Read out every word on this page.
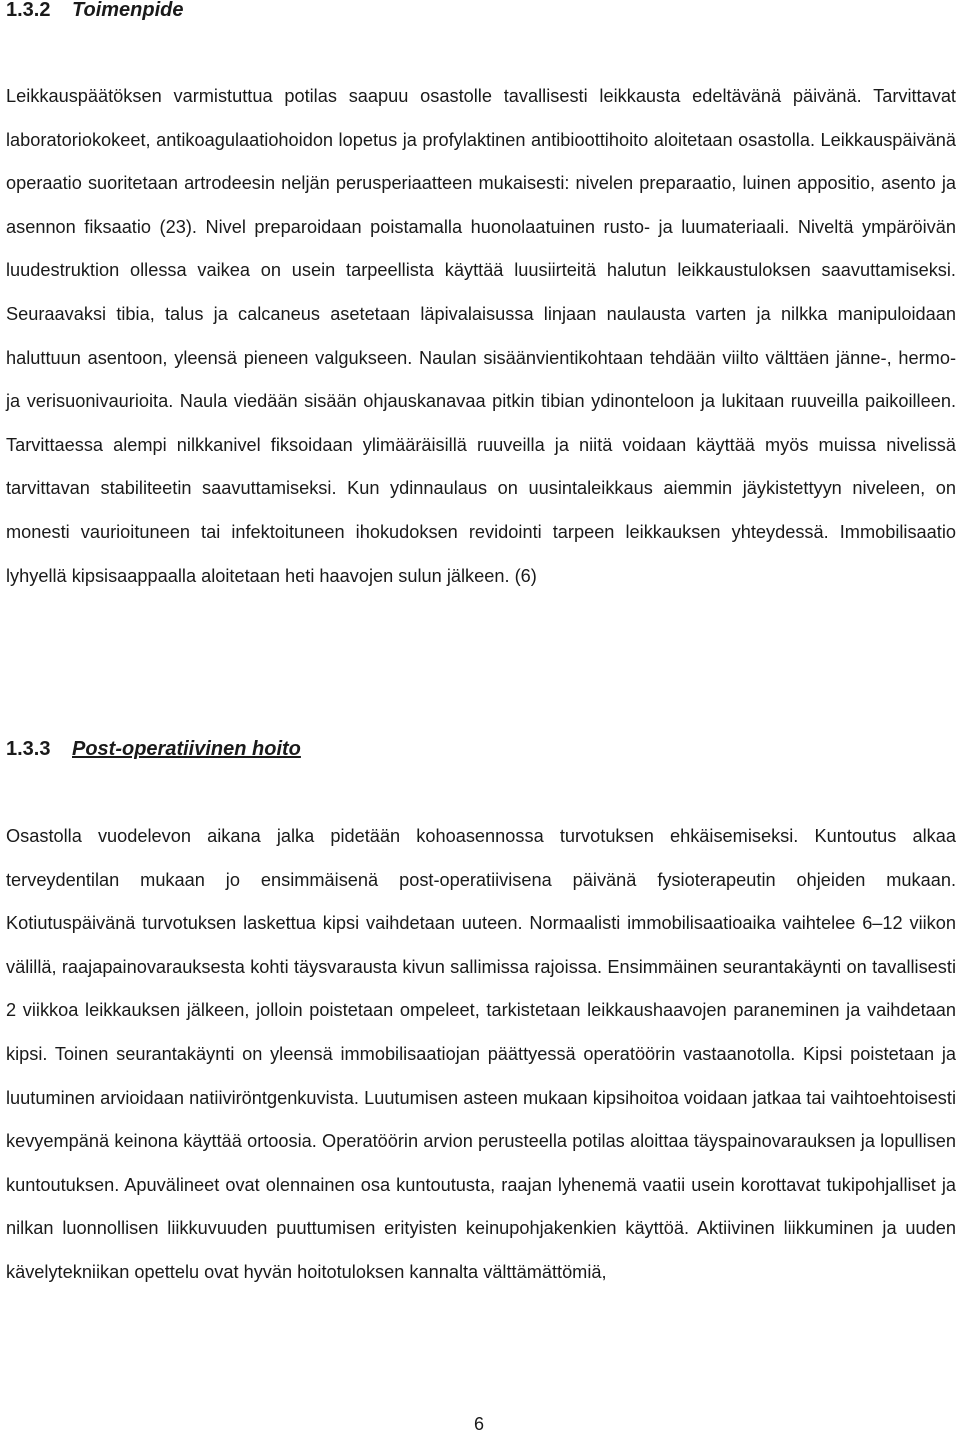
1.3.2 Toimenpide

Leikkauspäätöksen varmistuttua potilas saapuu osastolle tavallisesti leikkausta edeltävänä päivänä. Tarvittavat laboratoriokokeet, antikoagulaatiohoidon lopetus ja profylaktinen antibioottihoito aloitetaan osastolla. Leikkauspäivänä operaatio suoritetaan artrodeesin neljän perusperiaatteen mukaisesti: nivelen preparaatio, luinen appositio, asento ja asennon fiksaatio (23). Nivel preparoidaan poistamalla huonolaatuinen rusto- ja luumateriaali. Niveltä ympäröivän luudestruktion ollessa vaikea on usein tarpeellista käyttää luusiirteitä halutun leikkaustuloksen saavuttamiseksi. Seuraavaksi tibia, talus ja calcaneus asetetaan läpivalaisussa linjaan naulausta varten ja nilkka manipuloidaan haluttuun asentoon, yleensä pieneen valgukseen. Naulan sisäänvientikohtaan tehdään viilto välttäen jänne-, hermo- ja verisuonivaurioita. Naula viedään sisään ohjauskanavaa pitkin tibian ydinonteloon ja lukitaan ruuveilla paikoilleen. Tarvittaessa alempi nilkkanivel fiksoidaan ylimääräisillä ruuveilla ja niitä voidaan käyttää myös muissa nivelissä tarvittavan stabiliteetin saavuttamiseksi. Kun ydinnaulaus on uusintaleikkaus aiemmin jäykistettyyn niveleen, on monesti vaurioituneen tai infektoituneen ihokudoksen revidointi tarpeen leikkauksen yhteydessä. Immobilisaatio lyhyellä kipsisaappaalla aloitetaan heti haavojen sulun jälkeen. (6)

1.3.3 Post-operatiivinen hoito

Osastolla vuodelevon aikana jalka pidetään kohoasennossa turvotuksen ehkäisemiseksi. Kuntoutus alkaa terveydentilan mukaan jo ensimmäisenä post-operatiivisena päivänä fysioterapeutin ohjeiden mukaan. Kotiutuspäivänä turvotuksen laskettua kipsi vaihdetaan uuteen. Normaalisti immobilisaatioaika vaihtelee 6–12 viikon välillä, raajapainovarauksesta kohti täysvarausta kivun sallimissa rajoissa. Ensimmäinen seurantakäynti on tavallisesti 2 viikkoa leikkauksen jälkeen, jolloin poistetaan ompeleet, tarkistetaan leikkaushaavojen paraneminen ja vaihdetaan kipsi. Toinen seurantakäynti on yleensä immobilisaatiojan päättyessä operatöörin vastaanotolla. Kipsi poistetaan ja luutuminen arvioidaan natiiviröntgenkuvista. Luutumisen asteen mukaan kipsihoitoa voidaan jatkaa tai vaihtoehtoisesti kevyempänä keinona käyttää ortoosia. Operatöörin arvion perusteella potilas aloittaa täyspainovarauksen ja lopullisen kuntoutuksen. Apuvälineet ovat olennainen osa kuntoutusta, raajan lyhenemä vaatii usein korottavat tukipohjalliset ja nilkan luonnollisen liikkuvuuden puuttumisen erityisten keinupohjakenkien käyttöä. Aktiivinen liikkuminen ja uuden kävelytekniikan opettelu ovat hyvän hoitotuloksen kannalta välttämättömiä,

6
